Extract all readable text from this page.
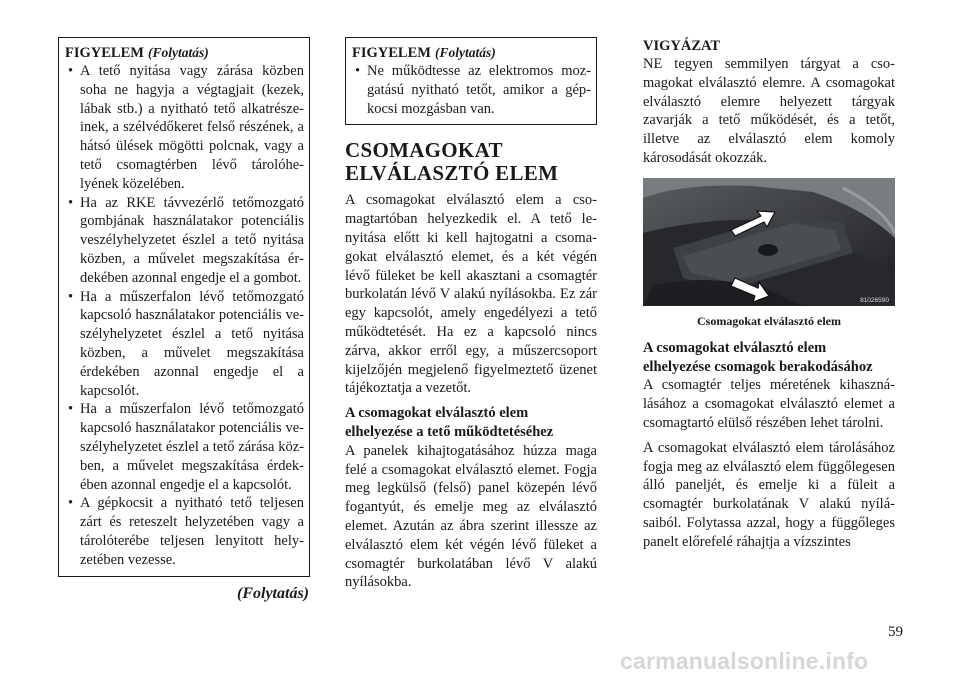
FIGYELEM (Folytatás)
• A tető nyitása vagy zárása közben soha ne hagyja a végtagjait (kezek, lábak stb.) a nyitható tető alkatrészeinek, a szélvédőkeret felső részének, a hátsó ülések mögötti polcnak, vagy a tető csomagtérben lévő tárolóhelyének közelében.
• Ha az RKE távvezérlő tetőmozgató gombjának használatakor potenciális veszélyhelyzetet észlel a tető nyitása közben, a művelet megszakítása érdekében azonnal engedje el a gombot.
• Ha a műszerfalon lévő tetőmozgató kapcsoló használatakor potenciális veszélyhelyzetet észlel a tető nyitása közben, a művelet megszakítása érdekében azonnal engedje el a kapcsolót.
• Ha a műszerfalon lévő tetőmozgató kapcsoló használatakor potenciális veszélyhelyzetet észlel a tető zárása közben, a művelet megszakítása érdekében azonnal engedje el a kapcsolót.
• A gépkocsit a nyitható tető teljesen zárt és reteszelt helyzetében vagy a tárolóterébe teljesen lenyitott helyzetében vezesse.
(Folytatás)
FIGYELEM (Folytatás)
• Ne működtesse az elektromos mozgatású nyitható tetőt, amikor a gépkocsi mozgásban van.
CSOMAGOKAT ELVÁLASZTÓ ELEM

A csomagokat elválasztó elem a csomagtartóban helyezkedik el. A tető lenyitása előtt ki kell hajtogatni a csomagokat elválasztó elemet, és a két végén lévő füleket be kell akasztani a csomagtér burkolatán lévő V alakú nyílásokba. Ez zár egy kapcsolót, amely engedélyezi a tető működtetését. Ha ez a kapcsoló nincs zárva, akkor erről egy, a műszercsoport kijelzőjén megjelenő figyelmeztető üzenet tájékoztatja a vezetőt.

A csomagokat elválasztó elem elhelyezése a tető működtetéséhez

A panelek kihajtogatásához húzza maga felé a csomagokat elválasztó elemet. Fogja meg legkülső (felső) panel közepén lévő fogantyút, és emelje meg az elválasztó elemet. Azután az ábra szerint illessze az elválasztó elem két végén lévő füleket a csomagtér burkolatában lévő V alakú nyílásokba.

VIGYÁZAT

NE tegyen semmilyen tárgyat a csomagokat elválasztó elemre. A csomagokat elválasztó elemre helyezett tárgyak zavarják a tető működését, és a tetőt, illetve az elválasztó elem komoly károsodását okozzák.

81026590
Csomagokat elválasztó elem
A csomagokat elválasztó elem elhelyezése csomagok berakodásához

A csomagtér teljes méretének kihasználásához a csomagokat elválasztó elemet a csomagtartó elülső részében lehet tárolni.

A csomagokat elválasztó elem tárolásához fogja meg az elválasztó elem függőlegesen álló paneljét, és emelje ki a füleit a csomagtér burkolatának V alakú nyílásaiból. Folytassa azzal, hogy a függőleges panelt előrefelé ráhajtja a vízszintes

59
carmanualsonline.info
